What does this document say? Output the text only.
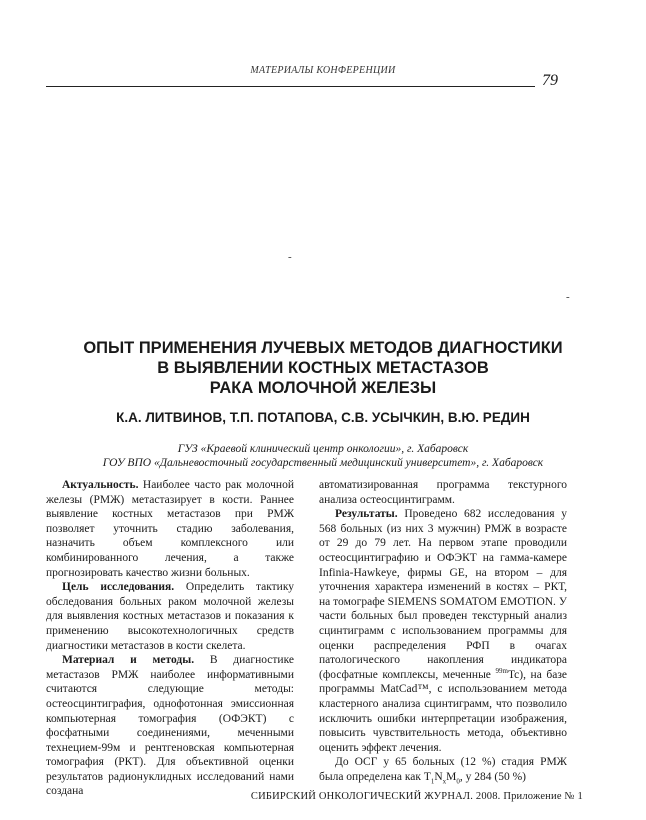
МАТЕРИАЛЫ КОНФЕРЕНЦИИ
79
-
-
ОПЫТ ПРИМЕНЕНИЯ ЛУЧЕВЫХ МЕТОДОВ ДИАГНОСТИКИ
В ВЫЯВЛЕНИИ КОСТНЫХ МЕТАСТАЗОВ
РАКА МОЛОЧНОЙ ЖЕЛЕЗЫ
К.А. ЛИТВИНОВ, Т.П. ПОТАПОВА, С.В. УСЫЧКИН, В.Ю. РЕДИН
ГУЗ «Краевой клинический центр онкологии», г. Хабаровск
ГОУ ВПО «Дальневосточный государственный медицинский университет», г. Хабаровск

Актуальность. Наиболее часто рак молочной железы (РМЖ) метастазирует в кости. Раннее выявление костных метастазов при РМЖ позволяет уточнить стадию заболевания, назначить объем комплексного или комбинированного лечения, а также прогнозировать качество жизни больных.

Цель исследования. Определить тактику обследования больных раком молочной железы для выявления костных метастазов и показания к применению высокотехнологичных средств диагностики метастазов в кости скелета.

Материал и методы. В диагностике метастазов РМЖ наиболее информативными считаются следующие методы: остеосцинтиграфия, однофотонная эмиссионная компьютерная томография (ОФЭКТ) с фосфатными соединениями, меченными технецием-99м и рентгеновская компьютерная томография (РКТ). Для объективной оценки результатов радионуклидных исследований нами создана

автоматизированная программа текстурного анализа остеосцинтиграмм.

Результаты. Проведено 682 исследования у 568 больных (из них 3 мужчин) РМЖ в возрасте от 29 до 79 лет. На первом этапе проводили остеосцинтиграфию и ОФЭКТ на гамма-камере Infinia-Hawkeye, фирмы GE, на втором – для уточнения характера изменений в костях – РКТ, на томографе SIEMENS SOMATOM EMOTION. У части больных был проведен текстурный анализ сцинтиграмм с использованием программы для оценки распределения РФП в очагах патологического накопления индикатора (фосфатные комплексы, меченные $^{99m}$Tc), на базе программы MatCad™, с использованием метода кластерного анализа сцинтиграмм, что позволило исключить ошибки интерпретации изображения, повысить чувствительность метода, объективно оценить эффект лечения.

До ОСГ у 65 больных (12 %) стадия РМЖ была определена как $T_1N_xM_0$, у 284 (50 %)

СИБИРСКИЙ ОНКОЛОГИЧЕСКИЙ ЖУРНАЛ. 2008. Приложение № 1
